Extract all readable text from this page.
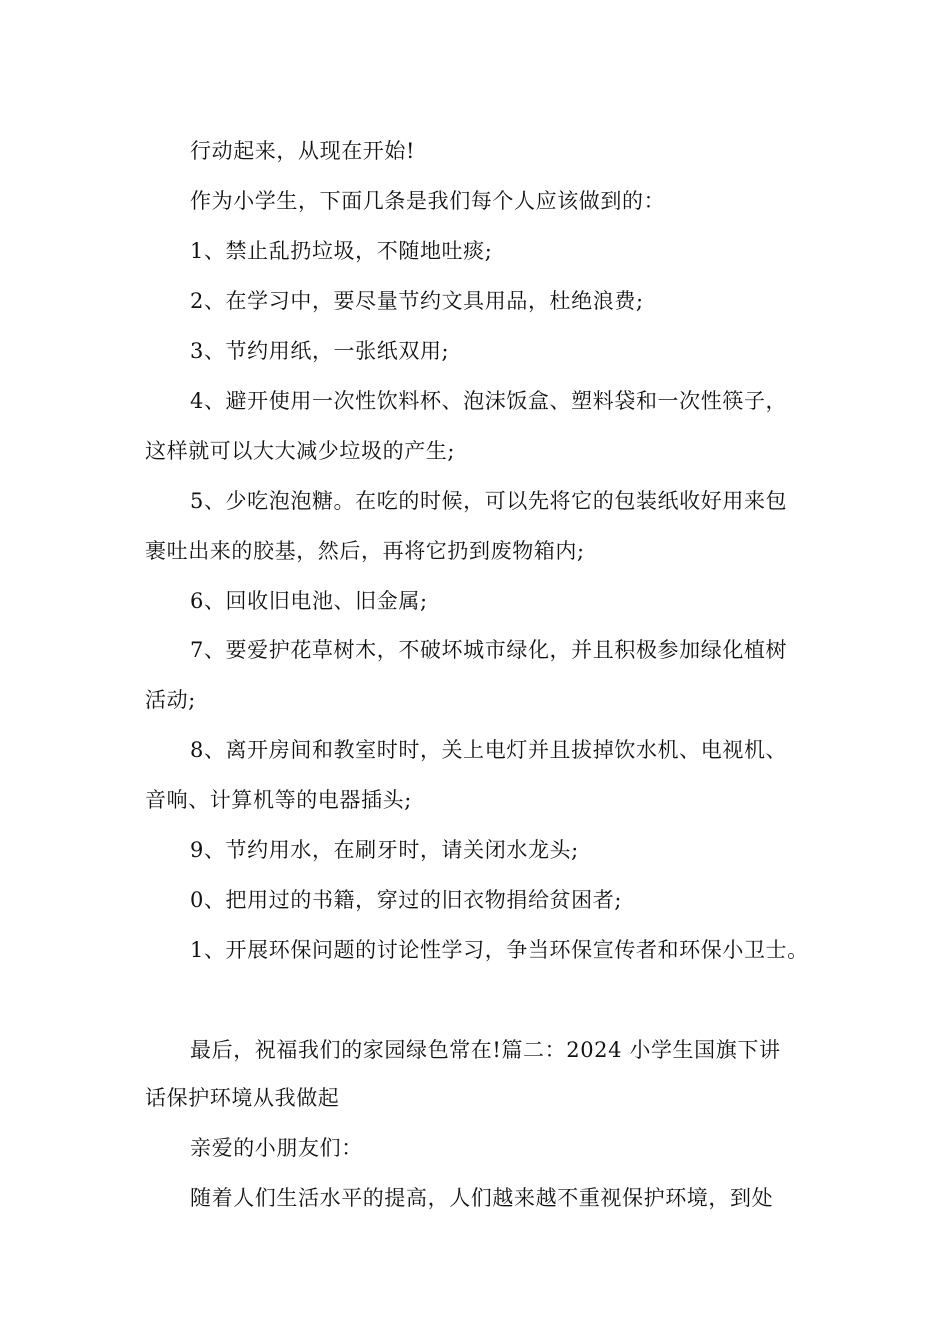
行动起来，从现在开始!
作为小学生，下面几条是我们每个人应该做到的：
1、禁止乱扔垃圾，不随地吐痰;
2、在学习中，要尽量节约文具用品，杜绝浪费;
3、节约用纸，一张纸双用;
4、避开使用一次性饮料杯、泡沫饭盒、塑料袋和一次性筷子，
这样就可以大大减少垃圾的产生;
5、少吃泡泡糖。在吃的时候，可以先将它的包装纸收好用来包
裹吐出来的胶基，然后，再将它扔到废物箱内;
6、回收旧电池、旧金属;
7、要爱护花草树木，不破坏城市绿化，并且积极参加绿化植树
活动;
8、离开房间和教室时时，关上电灯并且拔掉饮水机、电视机、
音响、计算机等的电器插头;
9、节约用水，在刷牙时，请关闭水龙头;
0、把用过的书籍，穿过的旧衣物捐给贫困者;
1、开展环保问题的讨论性学习，争当环保宣传者和环保小卫士。
最后，祝福我们的家园绿色常在!篇二：2024 小学生国旗下讲
话保护环境从我做起
亲爱的小朋友们：
随着人们生活水平的提高，人们越来越不重视保护环境，到处
